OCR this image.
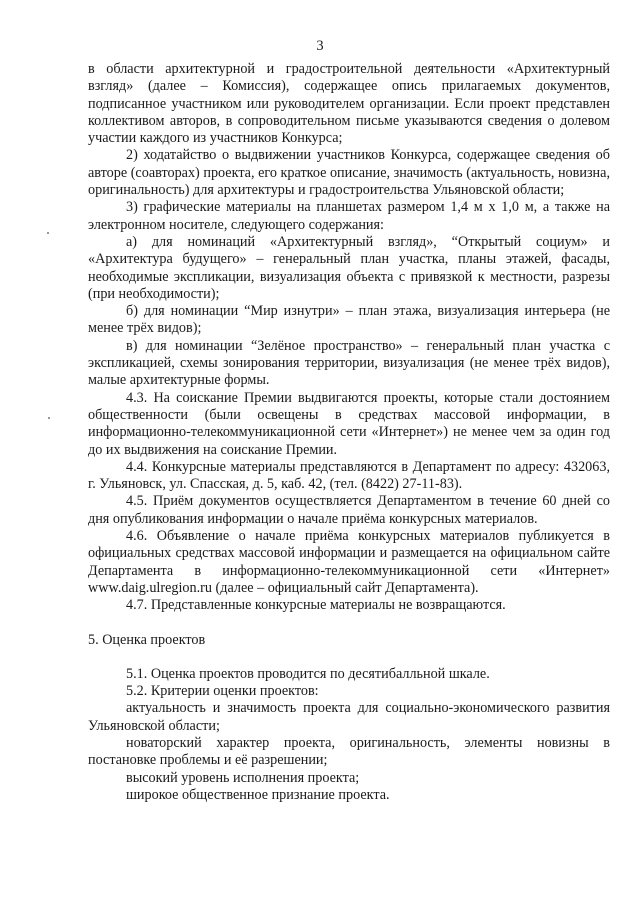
3

в области архитектурной и градостроительной деятельности «Архитектурный взгляд» (далее – Комиссия), содержащее опись прилагаемых документов, подписанное участником или руководителем организации. Если проект представлен коллективом авторов, в сопроводительном письме указываются сведения о долевом участии каждого из участников Конкурса;

2) ходатайство о выдвижении участников Конкурса, содержащее сведения об авторе (соавторах) проекта, его краткое описание, значимость (актуальность, новизна, оригинальность) для архитектуры и градостроительства Ульяновской области;

3) графические материалы на планшетах размером 1,4 м х 1,0 м, а также на электронном носителе, следующего содержания:

а) для номинаций «Архитектурный взгляд», “Открытый социум» и «Архитектура будущего» – генеральный план участка, планы этажей, фасады, необходимые экспликации, визуализация объекта с привязкой к местности, разрезы (при необходимости);

б) для номинации “Мир изнутри» – план этажа, визуализация интерьера (не менее трёх видов);

в) для номинации “Зелёное пространство» – генеральный план участка с экспликацией, схемы зонирования территории, визуализация (не менее трёх видов), малые архитектурные формы.

4.3. На соискание Премии выдвигаются проекты, которые стали достоянием общественности (были освещены в средствах массовой информации, в информационно-телекоммуникационной сети «Интернет») не менее чем за один год до их выдвижения на соискание Премии.

4.4. Конкурсные материалы представляются в Департамент по адресу: 432063, г. Ульяновск, ул. Спасская, д. 5, каб. 42, (тел. (8422) 27-11-83).

4.5. Приём документов осуществляется Департаментом в течение 60 дней со дня опубликования информации о начале приёма конкурсных материалов.

4.6. Объявление о начале приёма конкурсных материалов публикуется в официальных средствах массовой информации и размещается на официальном сайте Департамента в информационно-телекоммуникационной сети «Интернет» www.daig.ulregion.ru (далее – официальный сайт Департамента).

4.7. Представленные конкурсные материалы не возвращаются.

5. Оценка проектов

5.1. Оценка проектов проводится по десятибалльной шкале.

5.2. Критерии оценки проектов:

актуальность и значимость проекта для социально-экономического развития Ульяновской области;

новаторский характер проекта, оригинальность, элементы новизны в постановке проблемы и её разрешении;

высокий уровень исполнения проекта;

широкое общественное признание проекта.
